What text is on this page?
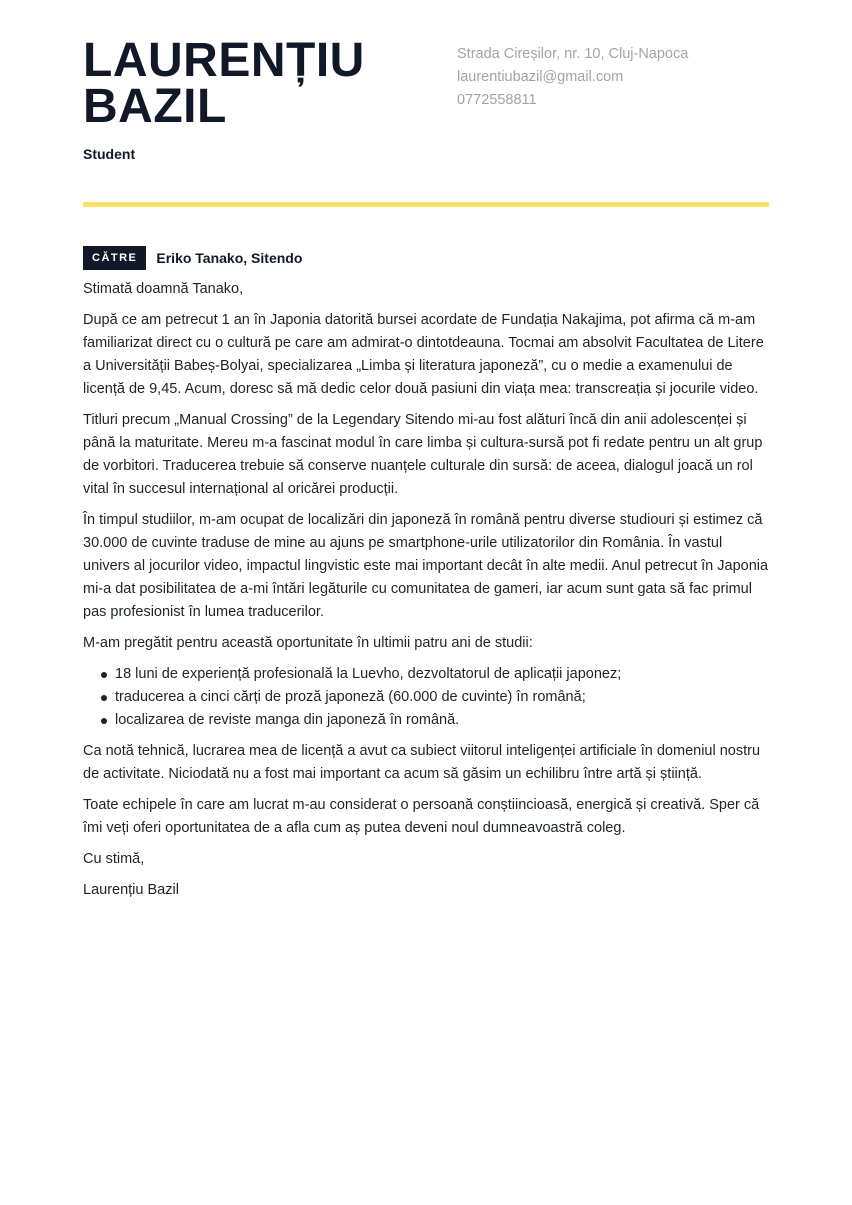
LAURENȚIU
BAZIL
Student
Strada Cireșilor, nr. 10, Cluj-Napoca
laurentiubazil@gmail.com
0772558811
CĂTRE	Eriko Tanako, Sitendo

Stimată doamnă Tanako,

După ce am petrecut 1 an în Japonia datorită bursei acordate de Fundația Nakajima, pot afirma că m-am familiarizat direct cu o cultură pe care am admirat-o dintotdeauna. Tocmai am absolvit Facultatea de Litere a Universității Babeș-Bolyai, specializarea „Limba și literatura japoneză”, cu o medie a examenului de licență de 9,45. Acum, doresc să mă dedic celor două pasiuni din viața mea: transcreația și jocurile video.

Titluri precum „Manual Crossing” de la Legendary Sitendo mi-au fost alături încă din anii adolescenței și până la maturitate. Mereu m-a fascinat modul în care limba și cultura-sursă pot fi redate pentru un alt grup de vorbitori. Traducerea trebuie să conserve nuanțele culturale din sursă: de aceea, dialogul joacă un rol vital în succesul internațional al oricărei producții.

În timpul studiilor, m-am ocupat de localizări din japoneză în română pentru diverse studiouri și estimez că 30.000 de cuvinte traduse de mine au ajuns pe smartphone-urile utilizatorilor din România. În vastul univers al jocurilor video, impactul lingvistic este mai important decât în alte medii. Anul petrecut în Japonia mi-a dat posibilitatea de a-mi întări legăturile cu comunitatea de gameri, iar acum sunt gata să fac primul pas profesionist în lumea traducerilor.

M-am pregătit pentru această oportunitate în ultimii patru ani de studii:

18 luni de experiență profesională la Luevho, dezvoltatorul de aplicații japonez;
traducerea a cinci cărți de proză japoneză (60.000 de cuvinte) în română;
localizarea de reviste manga din japoneză în română.

Ca notă tehnică, lucrarea mea de licență a avut ca subiect viitorul inteligenței artificiale în domeniul nostru de activitate. Niciodată nu a fost mai important ca acum să găsim un echilibru între artă și știință.

Toate echipele în care am lucrat m-au considerat o persoană conștiincioasă, energică și creativă. Sper că îmi veți oferi oportunitatea de a afla cum aș putea deveni noul dumneavoastră coleg.

Cu stimă,

Laurențiu Bazil
